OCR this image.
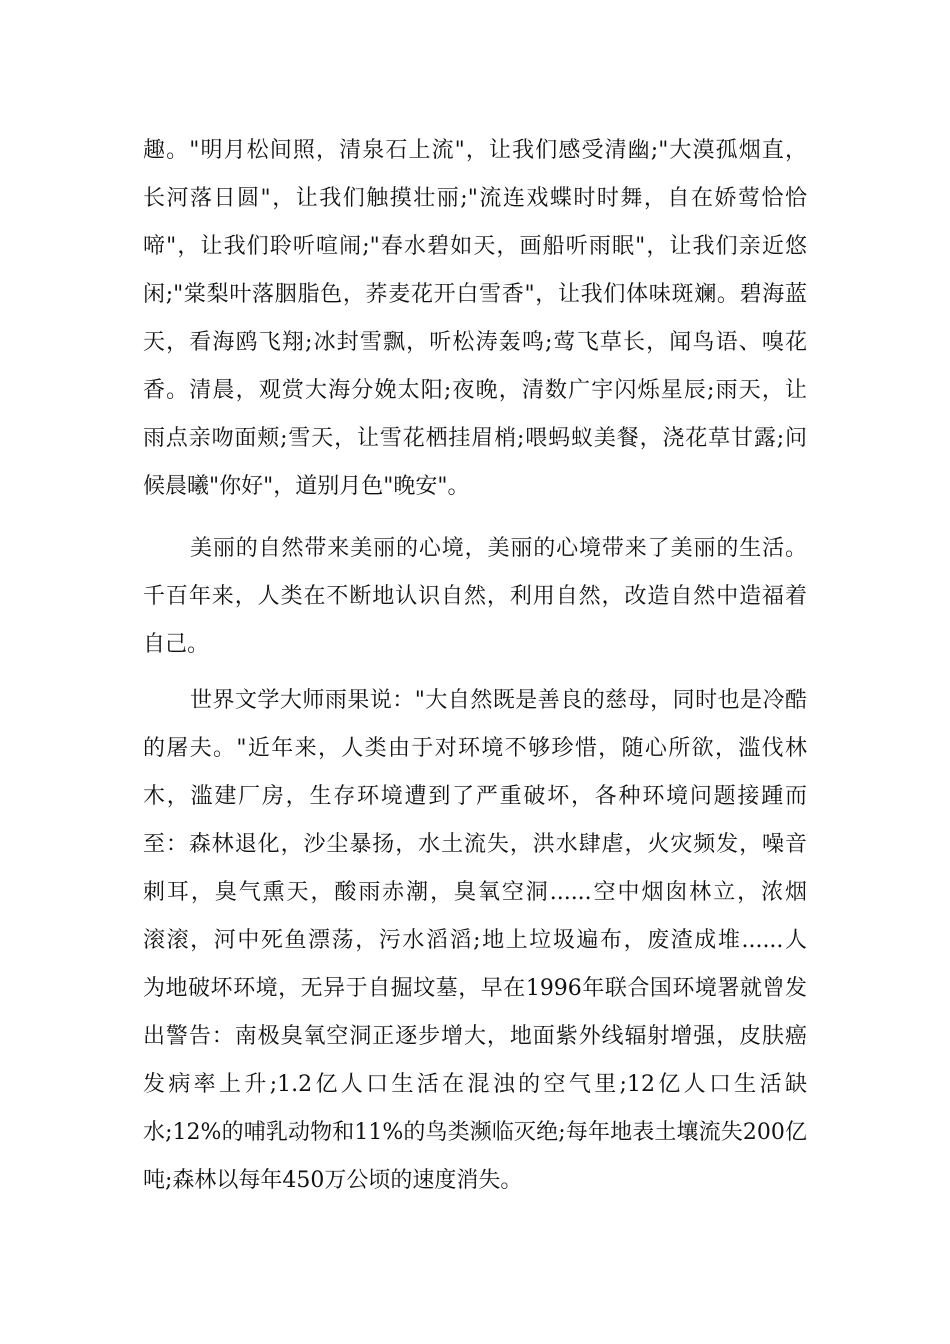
趣。"明月松间照，清泉石上流"，让我们感受清幽;"大漠孤烟直，
长河落日圆"，让我们触摸壮丽;"流连戏蝶时时舞，自在娇莺恰恰
啼"，让我们聆听喧闹;"春水碧如天，画船听雨眠"，让我们亲近悠
闲;"棠梨叶落胭脂色，荞麦花开白雪香"，让我们体味斑斓。碧海蓝
天，看海鸥飞翔;冰封雪飘，听松涛轰鸣;莺飞草长，闻鸟语、嗅花
香。清晨，观赏大海分娩太阳;夜晚，清数广宇闪烁星辰;雨天，让
雨点亲吻面颊;雪天，让雪花栖挂眉梢;喂蚂蚁美餐，浇花草甘露;问
候晨曦"你好"，道别月色"晚安"。
美丽的自然带来美丽的心境，美丽的心境带来了美丽的生活。
千百年来，人类在不断地认识自然，利用自然，改造自然中造福着
自己。
世界文学大师雨果说："大自然既是善良的慈母，同时也是冷酷
的屠夫。"近年来，人类由于对环境不够珍惜，随心所欲，滥伐林
木，滥建厂房，生存环境遭到了严重破坏，各种环境问题接踵而
至：森林退化，沙尘暴扬，水土流失，洪水肆虐，火灾频发，噪音
刺耳，臭气熏天，酸雨赤潮，臭氧空洞......空中烟囱林立，浓烟
滚滚，河中死鱼漂荡，污水滔滔;地上垃圾遍布，废渣成堆......人
为地破坏环境，无异于自掘坟墓，早在1996年联合国环境署就曾发
出警告：南极臭氧空洞正逐步增大，地面紫外线辐射增强，皮肤癌
发病率上升;1.2亿人口生活在混浊的空气里;12亿人口生活缺
水;12%的哺乳动物和11%的鸟类濒临灭绝;每年地表土壤流失200亿
吨;森林以每年450万公顷的速度消失。
